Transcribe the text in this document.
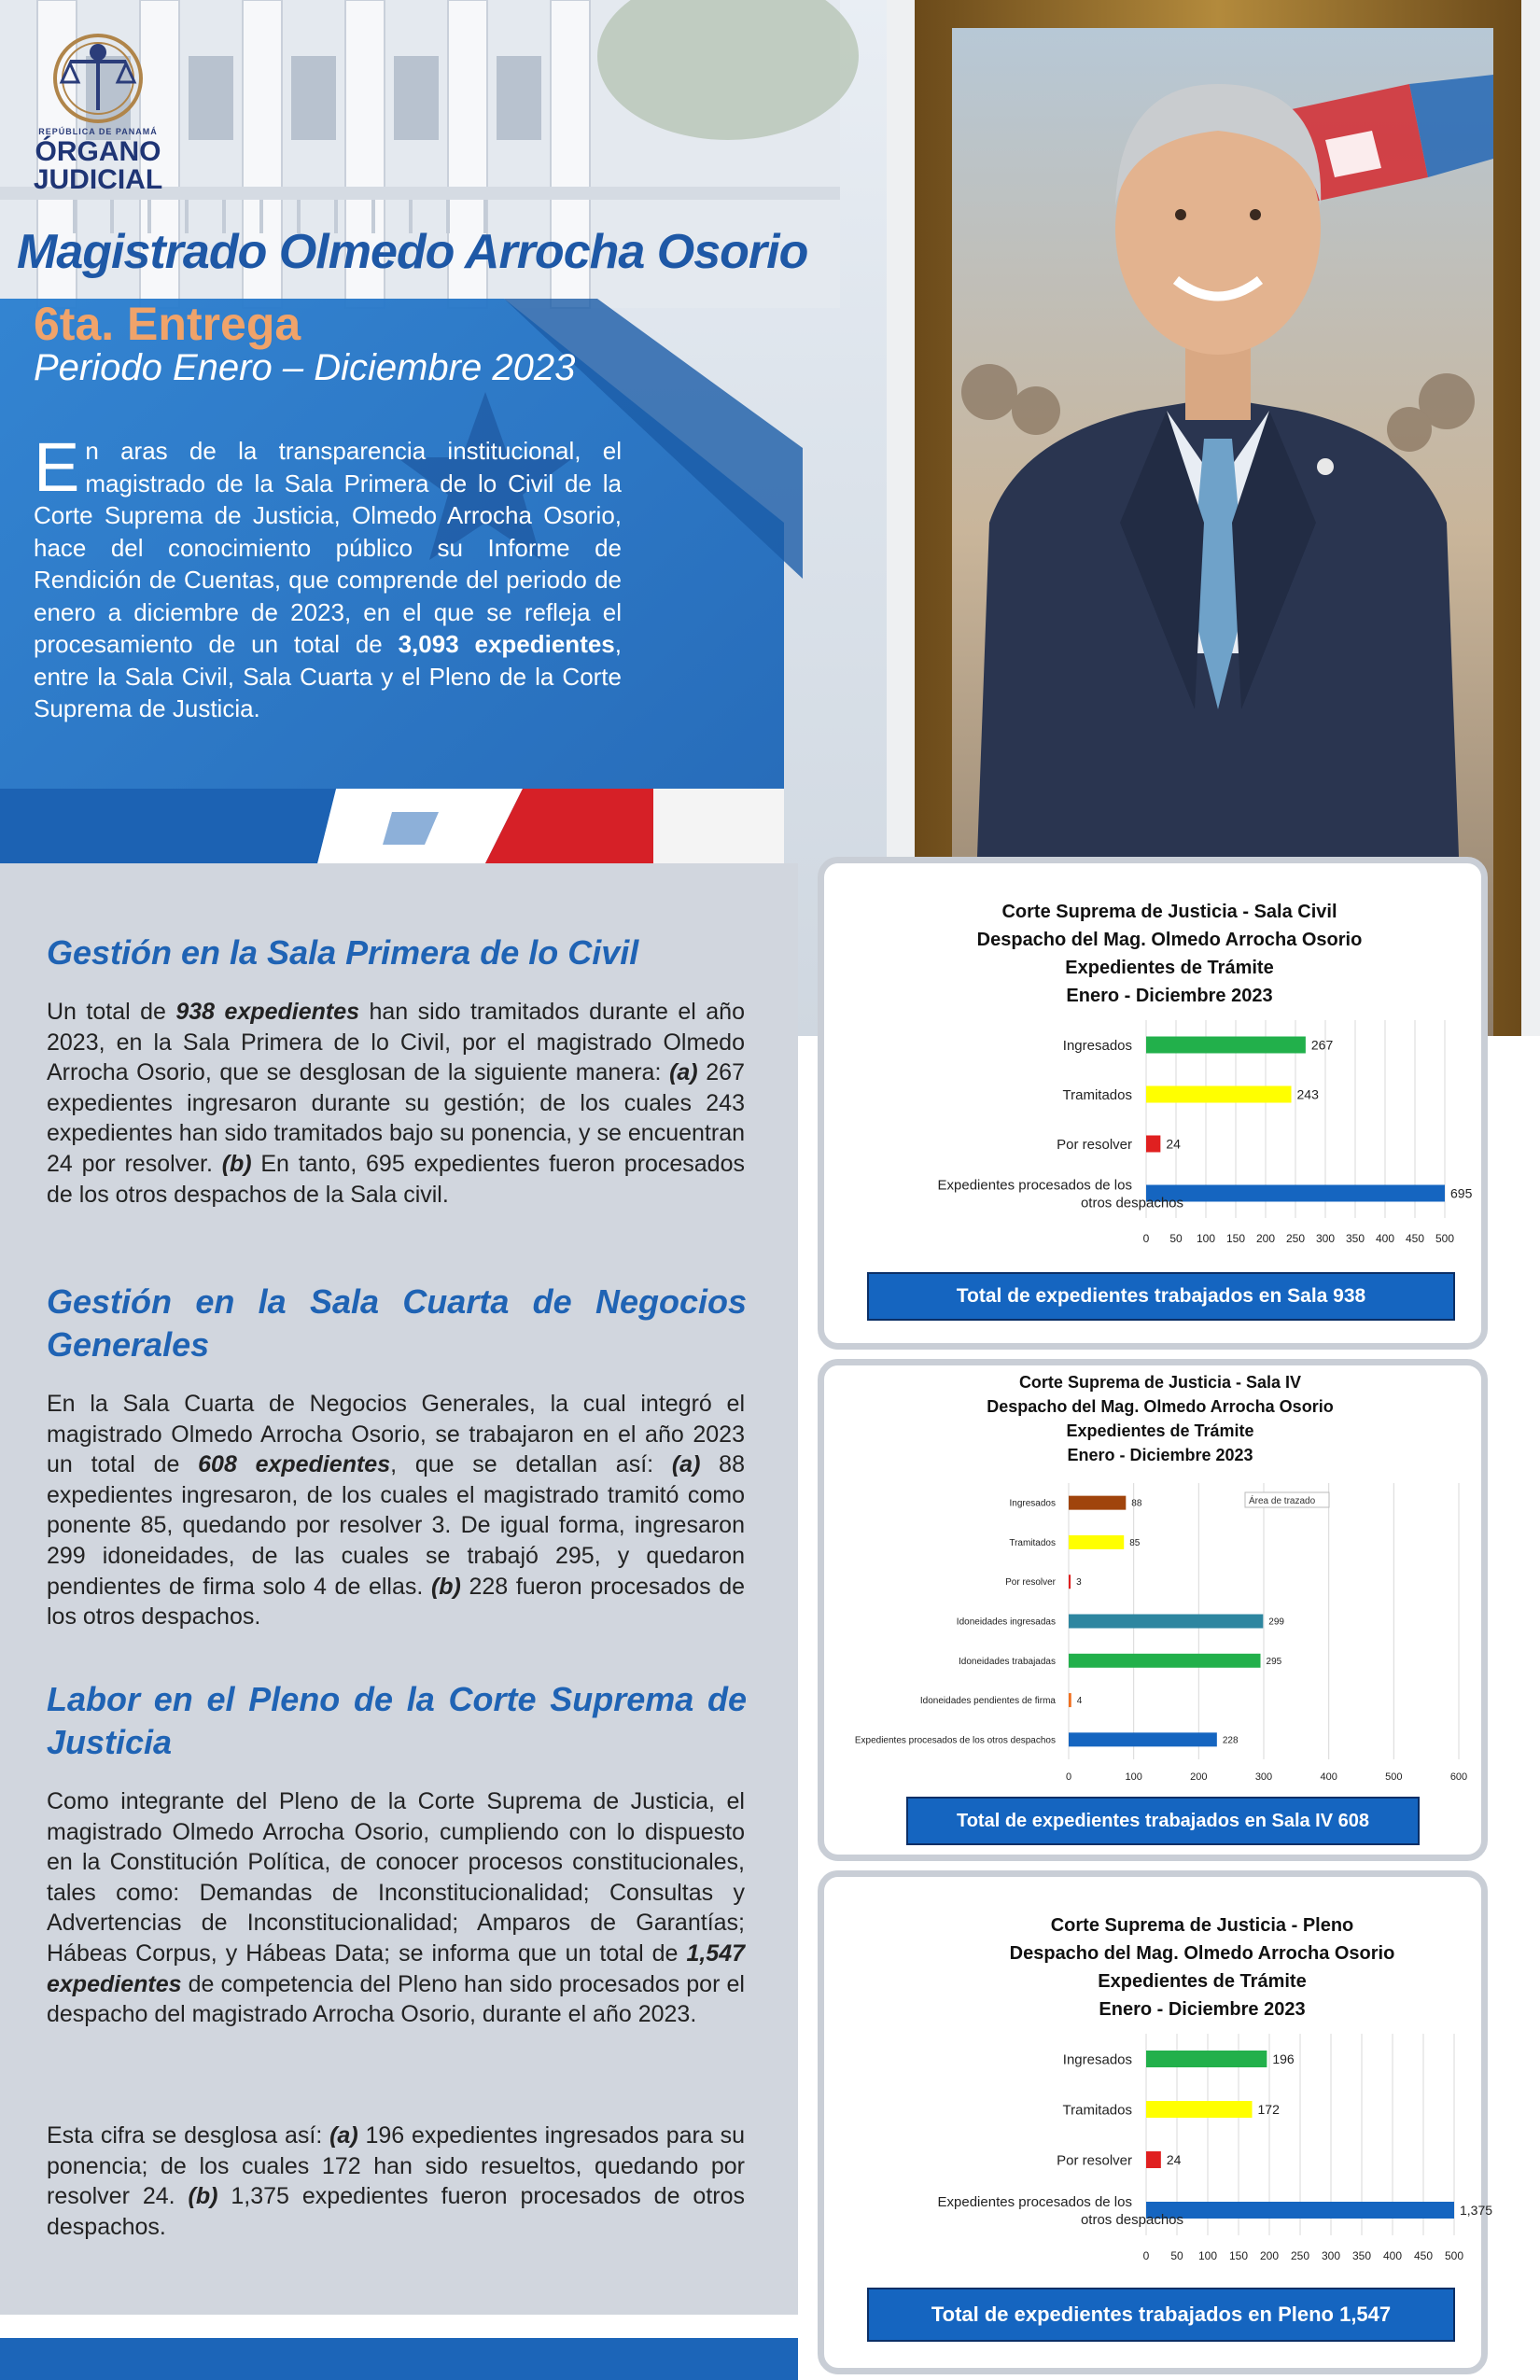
REPÚBLICA DE PANAMÁ
ÓRGANO
JUDICIAL
Magistrado Olmedo Arrocha Osorio
6ta. Entrega
Periodo Enero – Diciembre 2023

En aras de la transparencia institucional, el magistrado de la Sala Primera de lo Civil de la Corte Suprema de Justicia, Olmedo Arrocha Osorio, hace del conocimiento público su Informe de Rendición de Cuentas, que comprende del periodo de enero a diciembre de 2023, en el que se refleja el procesamiento de un total de 3,093 expedientes, entre la Sala Civil, Sala Cuarta y el Pleno de la Corte Suprema de Justicia.

Gestión en la Sala Primera de lo Civil

Un total de 938 expedientes han sido tramitados durante el año 2023, en la Sala Primera de lo Civil, por el magistrado Olmedo Arrocha Osorio, que se desglosan de la siguiente manera: (a) 267 expedientes ingresaron durante su gestión; de los cuales 243 expedientes han sido tramitados bajo su ponencia, y se encuentran 24 por resolver. (b) En tanto, 695 expedientes fueron procesados de los otros despachos de la Sala civil.

Gestión en la Sala Cuarta de Negocios Generales

En la Sala Cuarta de Negocios Generales, la cual integró el magistrado Olmedo Arrocha Osorio, se trabajaron en el año 2023 un total de 608 expedientes, que se detallan así: (a) 88 expedientes ingresaron, de los cuales el magistrado tramitó como ponente 85, quedando por resolver 3. De igual forma, ingresaron 299 idoneidades, de las cuales se trabajó 295, y quedaron pendientes de firma solo 4 de ellas. (b) 228 fueron procesados de los otros despachos.

Labor en el Pleno de la Corte Suprema de Justicia

Como integrante del Pleno de la Corte Suprema de Justicia, el magistrado Olmedo Arrocha Osorio, cumpliendo con lo dispuesto en la Constitución Política, de conocer procesos constitucionales, tales como: Demandas de Inconstitucionalidad; Consultas y Advertencias de Inconstitucionalidad; Amparos de Garantías; Hábeas Corpus, y Hábeas Data; se informa que un total de 1,547 expedientes de competencia del Pleno han sido procesados por el despacho del magistrado Arrocha Osorio, durante el año 2023.

Esta cifra se desglosa así: (a) 196 expedientes ingresados para su ponencia; de los cuales 172 han sido resueltos, quedando por resolver 24. (b) 1,375 expedientes fueron procesados de otros despachos.

Corte Suprema de Justicia - Sala Civil
Despacho del Mag. Olmedo Arrocha Osorio
Expedientes de Trámite
Enero - Diciembre 2023
0 50 100 150 200 250 300 350 400 450 500
267
Ingresados
243
Tramitados
24
Por resolver
695
Expedientes procesados de los
otros despachos
Total de expedientes trabajados en Sala 938
Corte Suprema de Justicia - Sala IV
Despacho del Mag. Olmedo Arrocha Osorio
Expedientes de Trámite
Enero - Diciembre 2023
0	100	200	300	400	500	600
88
Ingresados
85
Tramitados
3
Por resolver
299
Idoneidades ingresadas
295
Idoneidades trabajadas
4
Idoneidades pendientes de firma
228
Expedientes procesados de los otros despachos
Área de trazado
Total de expedientes trabajados en Sala IV 608
Corte Suprema de Justicia - Pleno
Despacho del Mag. Olmedo Arrocha Osorio
Expedientes de Trámite
Enero - Diciembre 2023
0 50 100 150 200 250 300 350 400 450 500
196
Ingresados
172
Tramitados
24
Por resolver
1,375
Expedientes procesados de los
otros despachos
Total de expedientes trabajados en Pleno 1,547
